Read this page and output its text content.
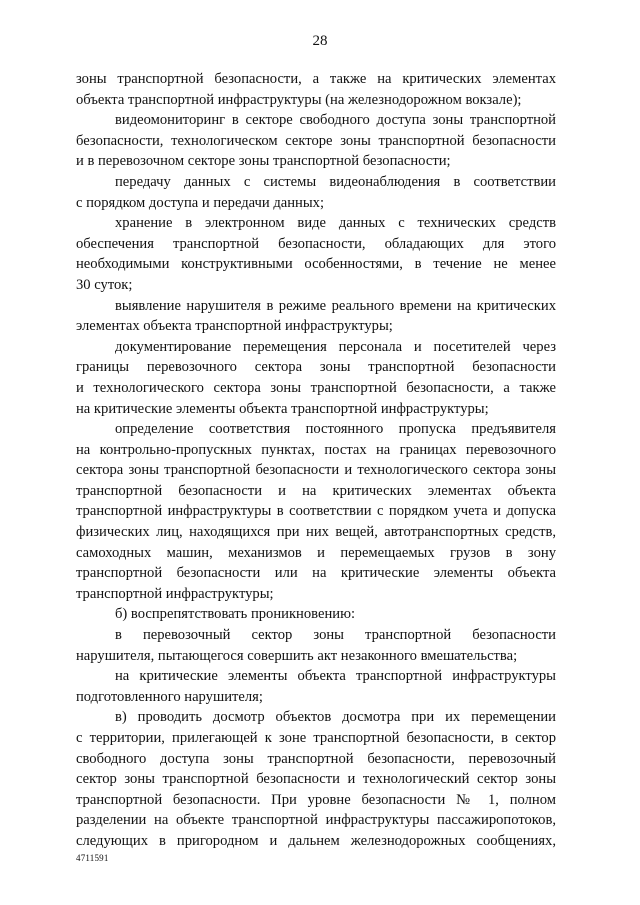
28
зоны транспортной безопасности, а также на критических элементах
объекта транспортной инфраструктуры (на железнодорожном вокзале);
видеомониторинг в секторе свободного доступа зоны транспортной
безопасности, технологическом секторе зоны транспортной безопасности
и в перевозочном секторе зоны транспортной безопасности;
передачу данных с системы видеонаблюдения в соответствии
с порядком доступа и передачи данных;
хранение в электронном виде данных с технических средств
обеспечения транспортной безопасности, обладающих для этого
необходимыми конструктивными особенностями, в течение не менее
30 суток;
выявление нарушителя в режиме реального времени на критических
элементах объекта транспортной инфраструктуры;
документирование перемещения персонала и посетителей через
границы перевозочного сектора зоны транспортной безопасности
и технологического сектора зоны транспортной безопасности, а также
на критические элементы объекта транспортной инфраструктуры;
определение соответствия постоянного пропуска предъявителя
на контрольно-пропускных пунктах, постах на границах перевозочного
сектора зоны транспортной безопасности и технологического сектора зоны
транспортной безопасности и на критических элементах объекта
транспортной инфраструктуры в соответствии с порядком учета и допуска
физических лиц, находящихся при них вещей, автотранспортных средств,
самоходных машин, механизмов и перемещаемых грузов в зону
транспортной безопасности или на критические элементы объекта
транспортной инфраструктуры;
б) воспрепятствовать проникновению:
в перевозочный сектор зоны транспортной безопасности
нарушителя, пытающегося совершить акт незаконного вмешательства;
на критические элементы объекта транспортной инфраструктуры
подготовленного нарушителя;
в) проводить досмотр объектов досмотра при их перемещении
с территории, прилегающей к зоне транспортной безопасности, в сектор
свободного доступа зоны транспортной безопасности, перевозочный
сектор зоны транспортной безопасности и технологический сектор зоны
транспортной безопасности. При уровне безопасности № 1, полном
разделении на объекте транспортной инфраструктуры пассажиропотоков,
следующих в пригородном и дальнем железнодорожных сообщениях,
4711591
